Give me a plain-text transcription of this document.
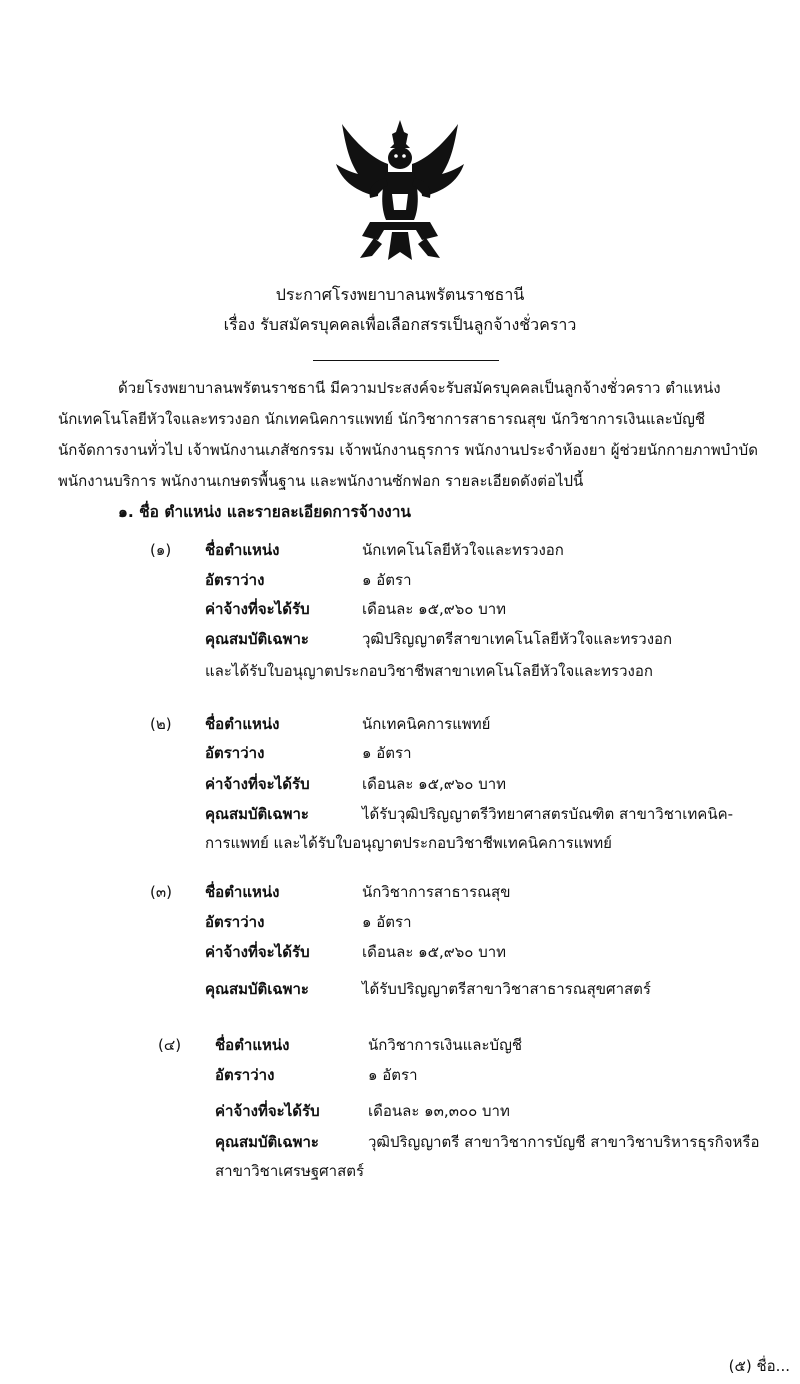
ประกาศโรงพยาบาลนพรัตนราชธานี
เรื่อง รับสมัครบุคคลเพื่อเลือกสรรเป็นลูกจ้างชั่วคราว
ด้วยโรงพยาบาลนพรัตนราชธานี มีความประสงค์จะรับสมัครบุคคลเป็นลูกจ้างชั่วคราว ตำแหน่ง
นักเทคโนโลยีหัวใจและทรวงอก นักเทคนิคการแพทย์ นักวิชาการสาธารณสุข นักวิชาการเงินและบัญชี
นักจัดการงานทั่วไป เจ้าพนักงานเภสัชกรรม เจ้าพนักงานธุรการ พนักงานประจำห้องยา ผู้ช่วยนักกายภาพบำบัด
พนักงานบริการ พนักงานเกษตรพื้นฐาน และพนักงานซักฟอก รายละเอียดดังต่อไปนี้
๑. ชื่อ ตำแหน่ง และรายละเอียดการจ้างงาน
(๑) ชื่อตำแหน่ง	นักเทคโนโลยีหัวใจและทรวงอก
อัตราว่าง	๑ อัตรา
ค่าจ้างที่จะได้รับ	เดือนละ ๑๕,๙๖๐ บาท
คุณสมบัติเฉพาะ	วุฒิปริญญาตรีสาขาเทคโนโลยีหัวใจและทรวงอก
และได้รับใบอนุญาตประกอบวิชาชีพสาขาเทคโนโลยีหัวใจและทรวงอก
(๒) ชื่อตำแหน่ง	นักเทคนิคการแพทย์
อัตราว่าง	๑ อัตรา
ค่าจ้างที่จะได้รับ	เดือนละ ๑๕,๙๖๐ บาท
คุณสมบัติเฉพาะ	ได้รับวุฒิปริญญาตรีวิทยาศาสตรบัณฑิต สาขาวิชาเทคนิค-
การแพทย์ และได้รับใบอนุญาตประกอบวิชาชีพเทคนิคการแพทย์
(๓) ชื่อตำแหน่ง	นักวิชาการสาธารณสุข
อัตราว่าง	๑ อัตรา
ค่าจ้างที่จะได้รับ	เดือนละ ๑๕,๙๖๐ บาท
คุณสมบัติเฉพาะ	ได้รับปริญญาตรีสาขาวิชาสาธารณสุขศาสตร์
(๔) ชื่อตำแหน่ง	นักวิชาการเงินและบัญชี
อัตราว่าง	๑ อัตรา
ค่าจ้างที่จะได้รับ	เดือนละ ๑๓,๓๐๐ บาท
คุณสมบัติเฉพาะ	วุฒิปริญญาตรี สาขาวิชาการบัญชี สาขาวิชาบริหารธุรกิจหรือ
สาขาวิชาเศรษฐศาสตร์
(๕) ชื่อ...
